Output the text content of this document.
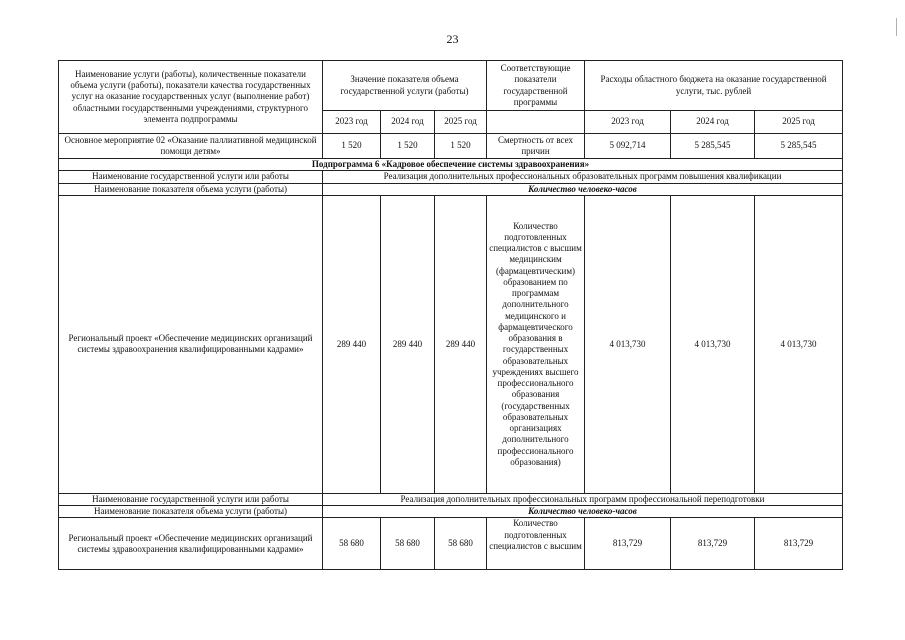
23
Наименование услуги (работы), количественные показатели объема услуги (работы), показатели качества государственных услуг на оказание государственных услуг (выполнение работ) областными государственными учреждениями, структурного элемента подпрограммы	Значение показателя объема государственной услуги (работы)			Соответствующие показатели государственной программы	Расходы областного бюджета на оказание государственной услуги, тыс. рублей		
	2023 год	2024 год	2025 год		2023 год	2024 год	2025 год
Основное мероприятие 02 «Оказание паллиативной медицинской помощи детям»	1 520	1 520	1 520	Смертность от всех причин	5 092,714	5 285,545	5 285,545
Подпрограмма 6 «Кадровое обеспечение системы здравоохранения»							
Наименование государственной услуги или работы	Реализация дополнительных профессиональных образовательных программ повышения квалификации						
Наименование показателя объема услуги (работы)	Количество человеко-часов						
Региональный проект «Обеспечение медицинских организаций системы здравоохранения квалифицированными кадрами»	289 440	289 440	289 440	Количество подготовленных специалистов с высшим медицинским (фармацевтическим) образованием по программам дополнительного медицинского и фармацевтического образования в государственных образовательных учреждениях высшего профессионального образования (государственных образовательных организациях дополнительного профессионального образования)	4 013,730	4 013,730	4 013,730
Наименование государственной услуги или работы	Реализация дополнительных профессиональных программ профессиональной переподготовки						
Наименование показателя объема услуги (работы)	Количество человеко-часов						
Региональный проект «Обеспечение медицинских организаций системы здравоохранения квалифицированными кадрами»	58 680	58 680	58 680	Количество подготовленных специалистов с высшим	813,729	813,729	813,729
